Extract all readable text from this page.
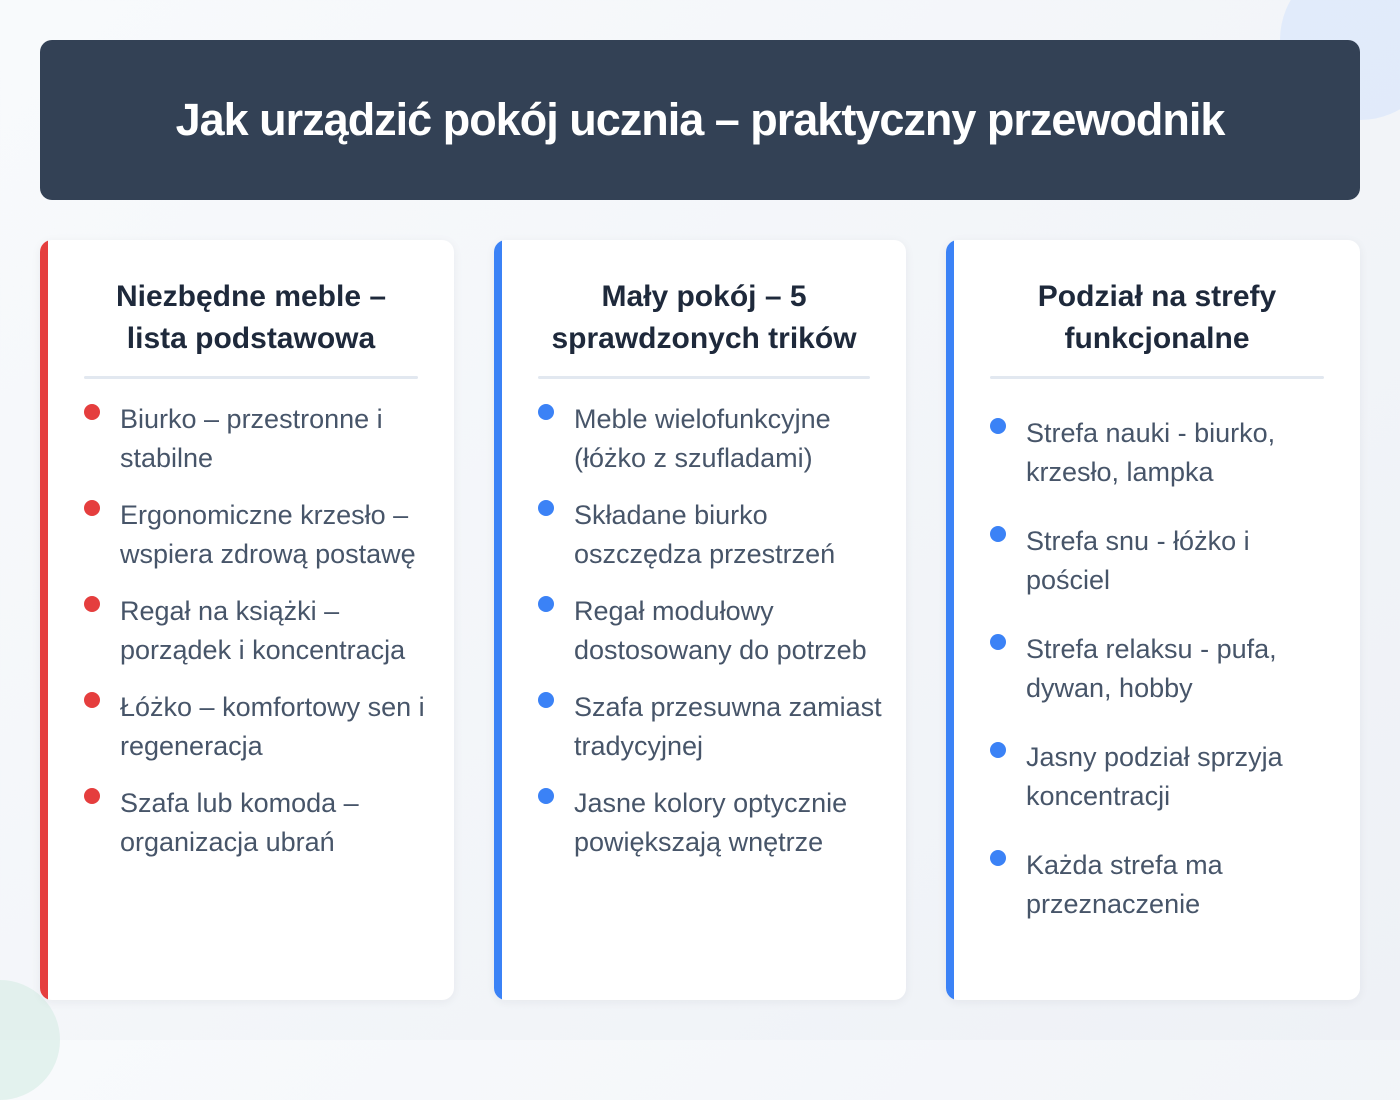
Jak urządzić pokój ucznia – praktyczny przewodnik
Niezbędne meble – lista podstawowa
Biurko – przestronne i stabilne
Ergonomiczne krzesło – wspiera zdrową postawę
Regał na książki – porządek i koncentracja
Łóżko – komfortowy sen i regeneracja
Szafa lub komoda – organizacja ubrań
Mały pokój – 5 sprawdzonych trików
Meble wielofunkcyjne (łóżko z szufladami)
Składane biurko oszczędza przestrzeń
Regał modułowy dostosowany do potrzeb
Szafa przesuwna zamiast tradycyjnej
Jasne kolory optycznie powiększają wnętrze
Podział na strefy funkcjonalne
Strefa nauki - biurko, krzesło, lampka
Strefa snu - łóżko i pościel
Strefa relaksu - pufa, dywan, hobby
Jasny podział sprzyja koncentracji
Każda strefa ma przeznaczenie
